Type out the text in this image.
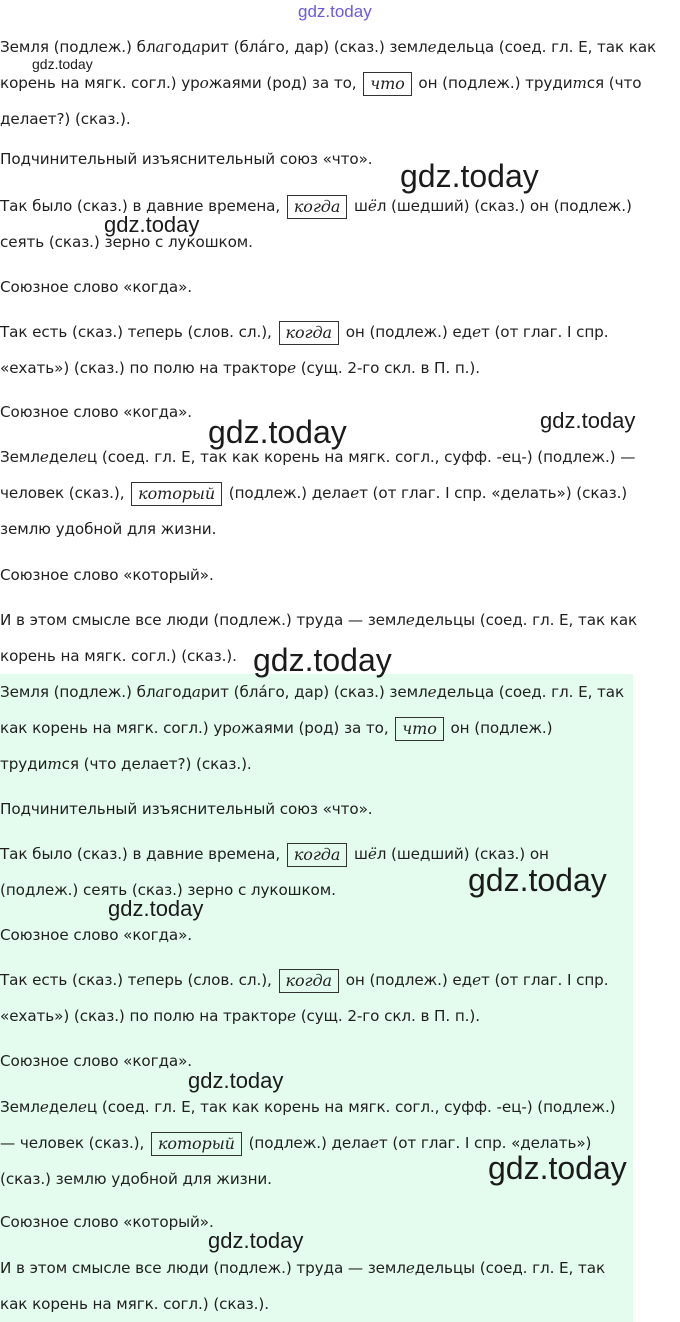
gdz.today

Земля (подлеж.) благодарит (бла́го, дар) (сказ.) земледельца (соед. гл. Е, так как корень на мягк. согл.) урожаями (род) за то, что он (подлеж.) трудится (что делает?) (сказ.).

Подчинительный изъяснительный союз «что».

Так было (сказ.) в давние времена, когда шёл (шедший) (сказ.) он (подлеж.) сеять (сказ.) зерно с лукошком.

Союзное слово «когда».

Так есть (сказ.) теперь (слов. сл.), когда он (подлеж.) едет (от глаг. I спр. «ехать») (сказ.) по полю на тракторе (сущ. 2-го скл. в П. п.).

Союзное слово «когда».

Земледелец (соед. гл. Е, так как корень на мягк. согл., суфф. -ец-) (подлеж.) — человек (сказ.), который (подлеж.) делает (от глаг. I спр. «делать») (сказ.) землю удобной для жизни.

Союзное слово «который».

И в этом смысле все люди (подлеж.) труда — земледельцы (соед. гл. Е, так как корень на мягк. согл.) (сказ.).

Земля (подлеж.) благодарит (бла́го, дар) (сказ.) земледельца (соед. гл. Е, так как корень на мягк. согл.) урожаями (род) за то, что он (подлеж.) трудится (что делает?) (сказ.).

Подчинительный изъяснительный союз «что».

Так было (сказ.) в давние времена, когда шёл (шедший) (сказ.) он (подлеж.) сеять (сказ.) зерно с лукошком.

Союзное слово «когда».

Так есть (сказ.) теперь (слов. сл.), когда он (подлеж.) едет (от глаг. I спр. «ехать») (сказ.) по полю на тракторе (сущ. 2-го скл. в П. п.).

Союзное слово «когда».

Земледелец (соед. гл. Е, так как корень на мягк. согл., суфф. -ец-) (подлеж.) — человек (сказ.), который (подлеж.) делает (от глаг. I спр. «делать») (сказ.) землю удобной для жизни.

Союзное слово «который».

И в этом смысле все люди (подлеж.) труда — земледельцы (соед. гл. Е, так как корень на мягк. согл.) (сказ.).

gdz.today
gdz.today
gdz.today
gdz.today
gdz.today
gdz.today
gdz.today
gdz.today
gdz.today
gdz.today
gdz.today
